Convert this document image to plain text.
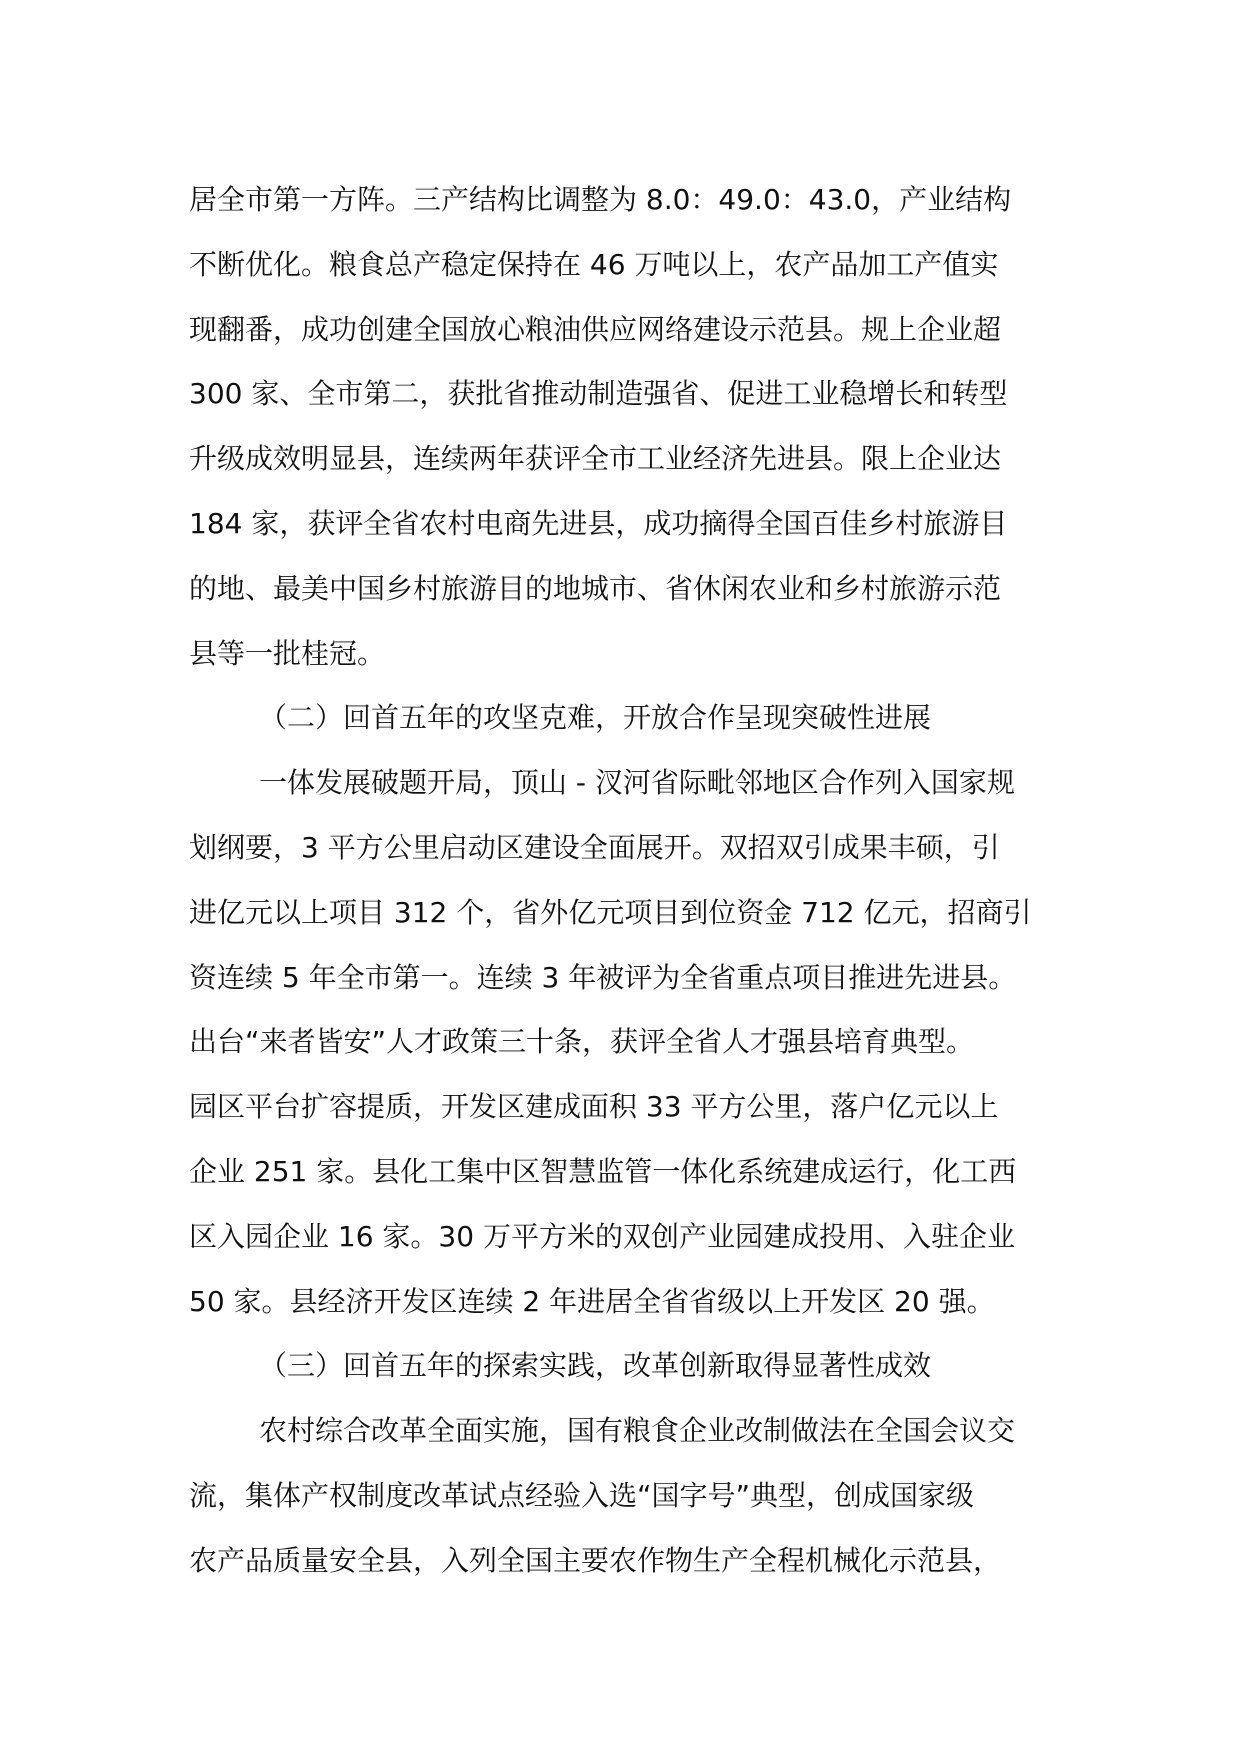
居全市第一方阵。三产结构比调整为 8.0：49.0：43.0，产业结构
不断优化。粮食总产稳定保持在 46 万吨以上，农产品加工产值实
现翻番，成功创建全国放心粮油供应网络建设示范县。规上企业超
300 家、全市第二，获批省推动制造强省、促进工业稳增长和转型
升级成效明显县，连续两年获评全市工业经济先进县。限上企业达
184 家，获评全省农村电商先进县，成功摘得全国百佳乡村旅游目
的地、最美中国乡村旅游目的地城市、省休闲农业和乡村旅游示范
县等一批桂冠。
（二）回首五年的攻坚克难，开放合作呈现突破性进展
一体发展破题开局，顶山 - 汊河省际毗邻地区合作列入国家规
划纲要，3 平方公里启动区建设全面展开。双招双引成果丰硕，引
进亿元以上项目 312 个，省外亿元项目到位资金 712 亿元，招商引
资连续 5 年全市第一。连续 3 年被评为全省重点项目推进先进县。
出台“来者皆安”人才政策三十条，获评全省人才强县培育典型。
园区平台扩容提质，开发区建成面积 33 平方公里，落户亿元以上
企业 251 家。县化工集中区智慧监管一体化系统建成运行，化工西
区入园企业 16 家。30 万平方米的双创产业园建成投用、入驻企业
50 家。县经济开发区连续 2 年进居全省省级以上开发区 20 强。
（三）回首五年的探索实践，改革创新取得显著性成效
农村综合改革全面实施，国有粮食企业改制做法在全国会议交
流，集体产权制度改革试点经验入选“国字号”典型，创成国家级
农产品质量安全县，入列全国主要农作物生产全程机械化示范县，
